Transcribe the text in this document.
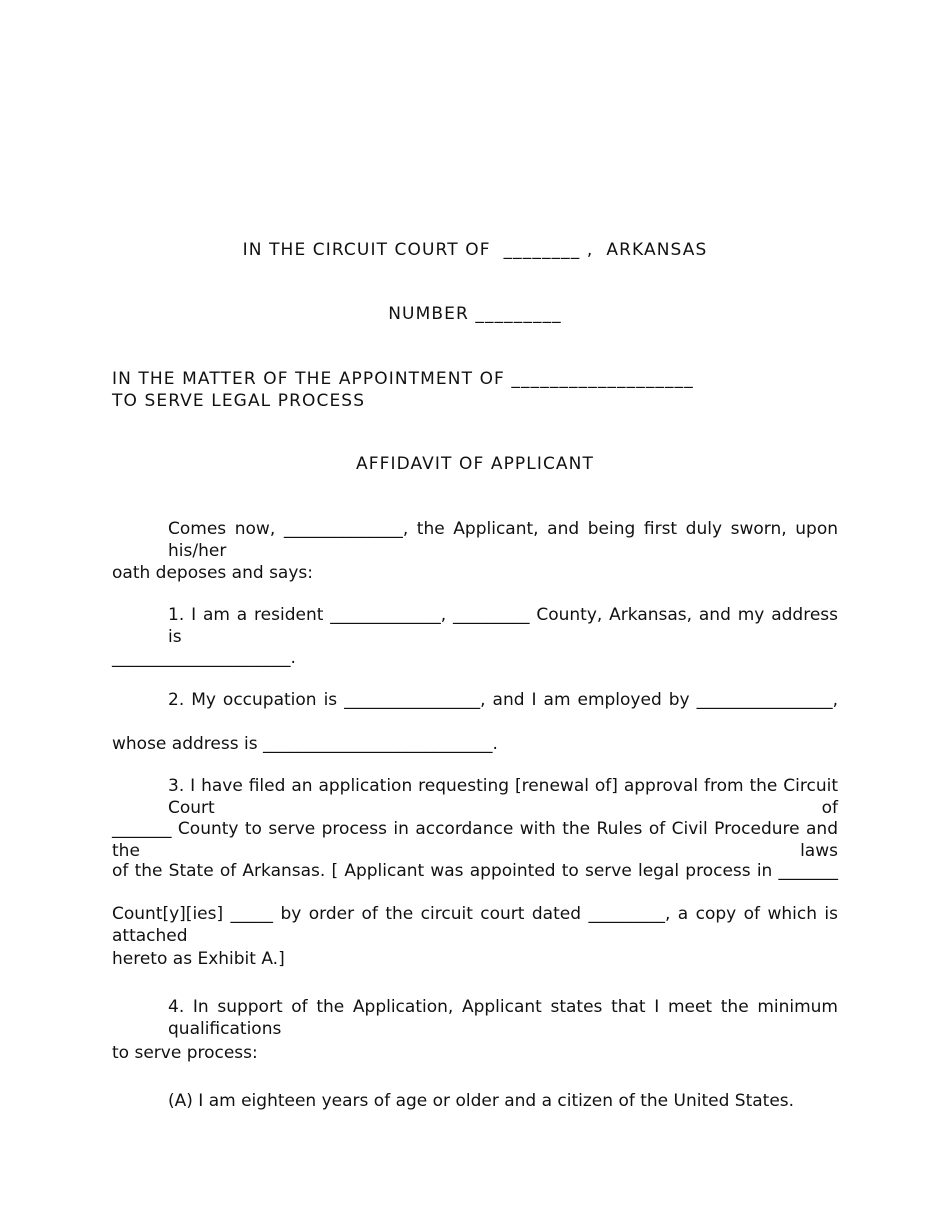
IN THE CIRCUIT COURT OF  ________ ,  ARKANSAS
NUMBER _________
IN THE MATTER OF THE APPOINTMENT OF ___________________
TO SERVE LEGAL PROCESS
AFFIDAVIT OF APPLICANT
Comes now, ______________, the Applicant, and being first duly sworn, upon his/her
oath deposes and says:
1. I am a resident _____________, _________ County, Arkansas, and my address is
_____________________.
2. My occupation is ________________, and I am employed by ________________,
whose address is ___________________________.
3. I have filed an application requesting [renewal of] approval from the Circuit Court of
_______ County to serve process in accordance with the Rules of Civil Procedure and the laws
of the State of Arkansas. [ Applicant was appointed to serve legal process in _______
Count[y][ies] _____ by order of the circuit court dated _________, a copy of which is attached
hereto as Exhibit A.]
4. In support of the Application, Applicant states that I meet the minimum qualifications
to serve process:
(A) I am eighteen years of age or older and a citizen of the United States.
